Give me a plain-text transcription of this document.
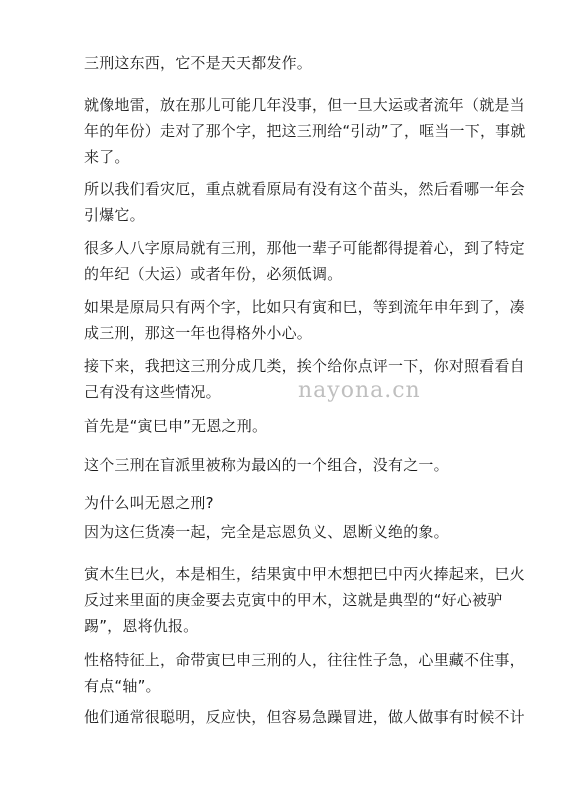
三刑这东西，它不是天天都发作。

就像地雷，放在那儿可能几年没事，但一旦大运或者流年（就是当
年的年份）走对了那个字，把这三刑给“引动”了，哐当一下，事就
来了。

所以我们看灾厄，重点就看原局有没有这个苗头，然后看哪一年会
引爆它。

很多人八字原局就有三刑，那他一辈子可能都得提着心，到了特定
的年纪（大运）或者年份，必须低调。

如果是原局只有两个字，比如只有寅和巳，等到流年申年到了，凑
成三刑，那这一年也得格外小心。

接下来，我把这三刑分成几类，挨个给你点评一下，你对照看看自
己有没有这些情况。

首先是“寅巳申”无恩之刑。

这个三刑在盲派里被称为最凶的一个组合，没有之一。

为什么叫无恩之刑?

因为这仨货凑一起，完全是忘恩负义、恩断义绝的象。

寅木生巳火，本是相生，结果寅中甲木想把巳中丙火捧起来，巳火
反过来里面的庚金要去克寅中的甲木，这就是典型的“好心被驴
踢”，恩将仇报。

性格特征上，命带寅巳申三刑的人，往往性子急，心里藏不住事，
有点“轴”。

他们通常很聪明，反应快，但容易急躁冒进，做人做事有时候不计

nayona.cn
